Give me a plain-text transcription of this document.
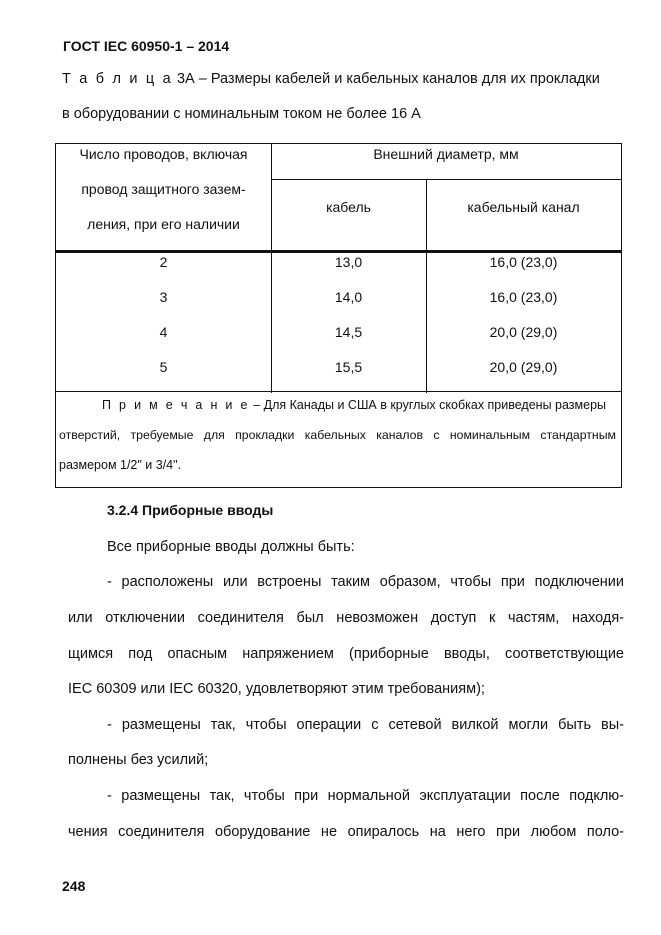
ГОСТ IEC 60950-1 – 2014
Т а б л и ц а 3А – Размеры кабелей и кабельных каналов для их прокладки
в оборудовании с номинальным током не более 16 А
Число проводов, включая
провод защитного зазем-
ления, при его наличии
Внешний диаметр, мм
кабель	кабельный канал
2	13,0	16,0 (23,0)
3	14,0	16,0 (23,0)
4	14,5	20,0 (29,0)
5	15,5	20,0 (29,0)
П р и м е ч а н и е – Для Канады и США в круглых скобках приведены размеры
отверстий, требуемые для прокладки кабельных каналов с номинальным стандартным
размером 1/2" и 3/4".
3.2.4 Приборные вводы
Все приборные вводы должны быть:
- расположены или встроены таким образом, чтобы при подключении
или отключении соединителя был невозможен доступ к частям, находя-
щимся под опасным напряжением (приборные вводы, соответствующие
IEC 60309 или IEC 60320, удовлетворяют этим требованиям);
- размещены так, чтобы операции с сетевой вилкой могли быть вы-
полнены без усилий;
- размещены так, чтобы при нормальной эксплуатации после подклю-
чения соединителя оборудование не опиралось на него при любом поло-
248
